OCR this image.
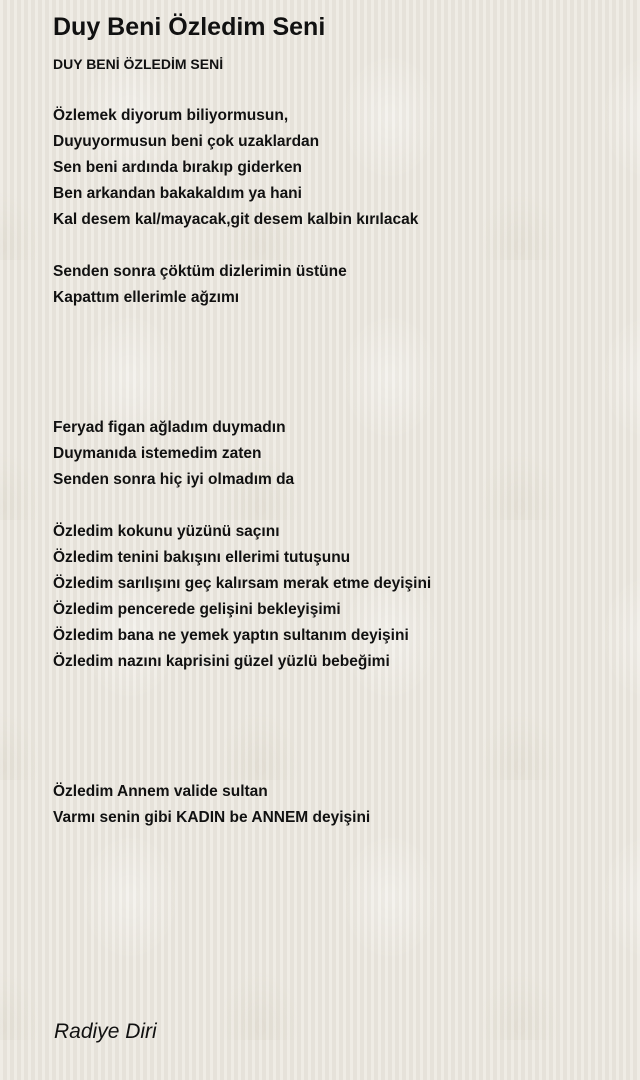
Duy Beni Özledim Seni
DUY BENİ ÖZLEDİM SENİ
Özlemek diyorum biliyormusun,
Duyuyormusun beni çok uzaklardan
Sen beni ardında bırakıp giderken
Ben arkandan bakakaldım ya hani
Kal desem kal/mayacak,git desem kalbin kırılacak
Senden sonra çöktüm dizlerimin üstüne
Kapattım ellerimle ağzımı
Feryad figan ağladım duymadın
Duymanıda istemedim zaten
Senden sonra hiç iyi olmadım da
Özledim kokunu yüzünü saçını
Özledim tenini bakışını ellerimi tutuşunu
Özledim sarılışını geç kalırsam merak etme deyişini
Özledim pencerede gelişini bekleyişimi
Özledim bana ne yemek yaptın sultanım deyişini
Özledim nazını kaprisini güzel yüzlü bebeğimi
Özledim Annem valide sultan
Varmı senin gibi KADIN be ANNEM deyişini

Radiye Diri
